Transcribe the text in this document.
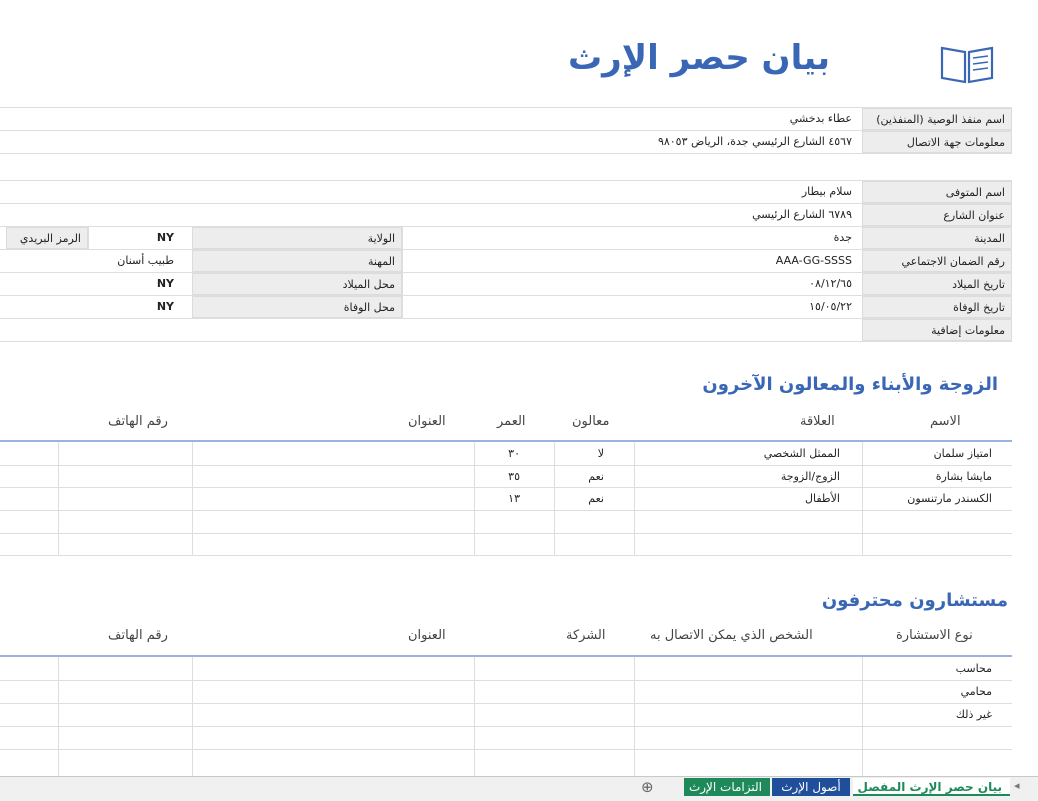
بيان حصر الإرث
اسم منفذ الوصية (المنفذين)
عطاء بدخشي
معلومات جهة الاتصال
٤٥٦٧ الشارع الرئيسي جدة، الرياض ٩٨٠٥٣
اسم المتوفى
سلام بيطار
عنوان الشارع
٦٧٨٩ الشارع الرئيسي
المدينة
جدة
الولاية
NY
الرمز البريدي
رقم الضمان الاجتماعي
AAA-GG-SSSS
المهنة
طبيب أسنان
تاريخ الميلاد
٠٨/١٢/٦٥
محل الميلاد
NY
تاريخ الوفاة
١٥/٠٥/٢٢
محل الوفاة
NY
معلومات إضافية
الزوجة والأبناء والمعالون الآخرون
الاسم
العلاقة
معالون
العمر
العنوان
رقم الهاتف
امتياز سلمان
الممثل الشخصي
لا
٣٠
مايشا بشارة
الزوج/الزوجة
نعم
٣٥
الكسندر مارتنسون
الأطفال
نعم
١٣
مستشارون محترفون
نوع الاستشارة
الشخص الذي يمكن الاتصال به
الشركة
العنوان
رقم الهاتف
محاسب
محامي
غير ذلك
◂
بيان حصر الإرث المفصل
أصول الإرث
التزامات الإرث
⊕
